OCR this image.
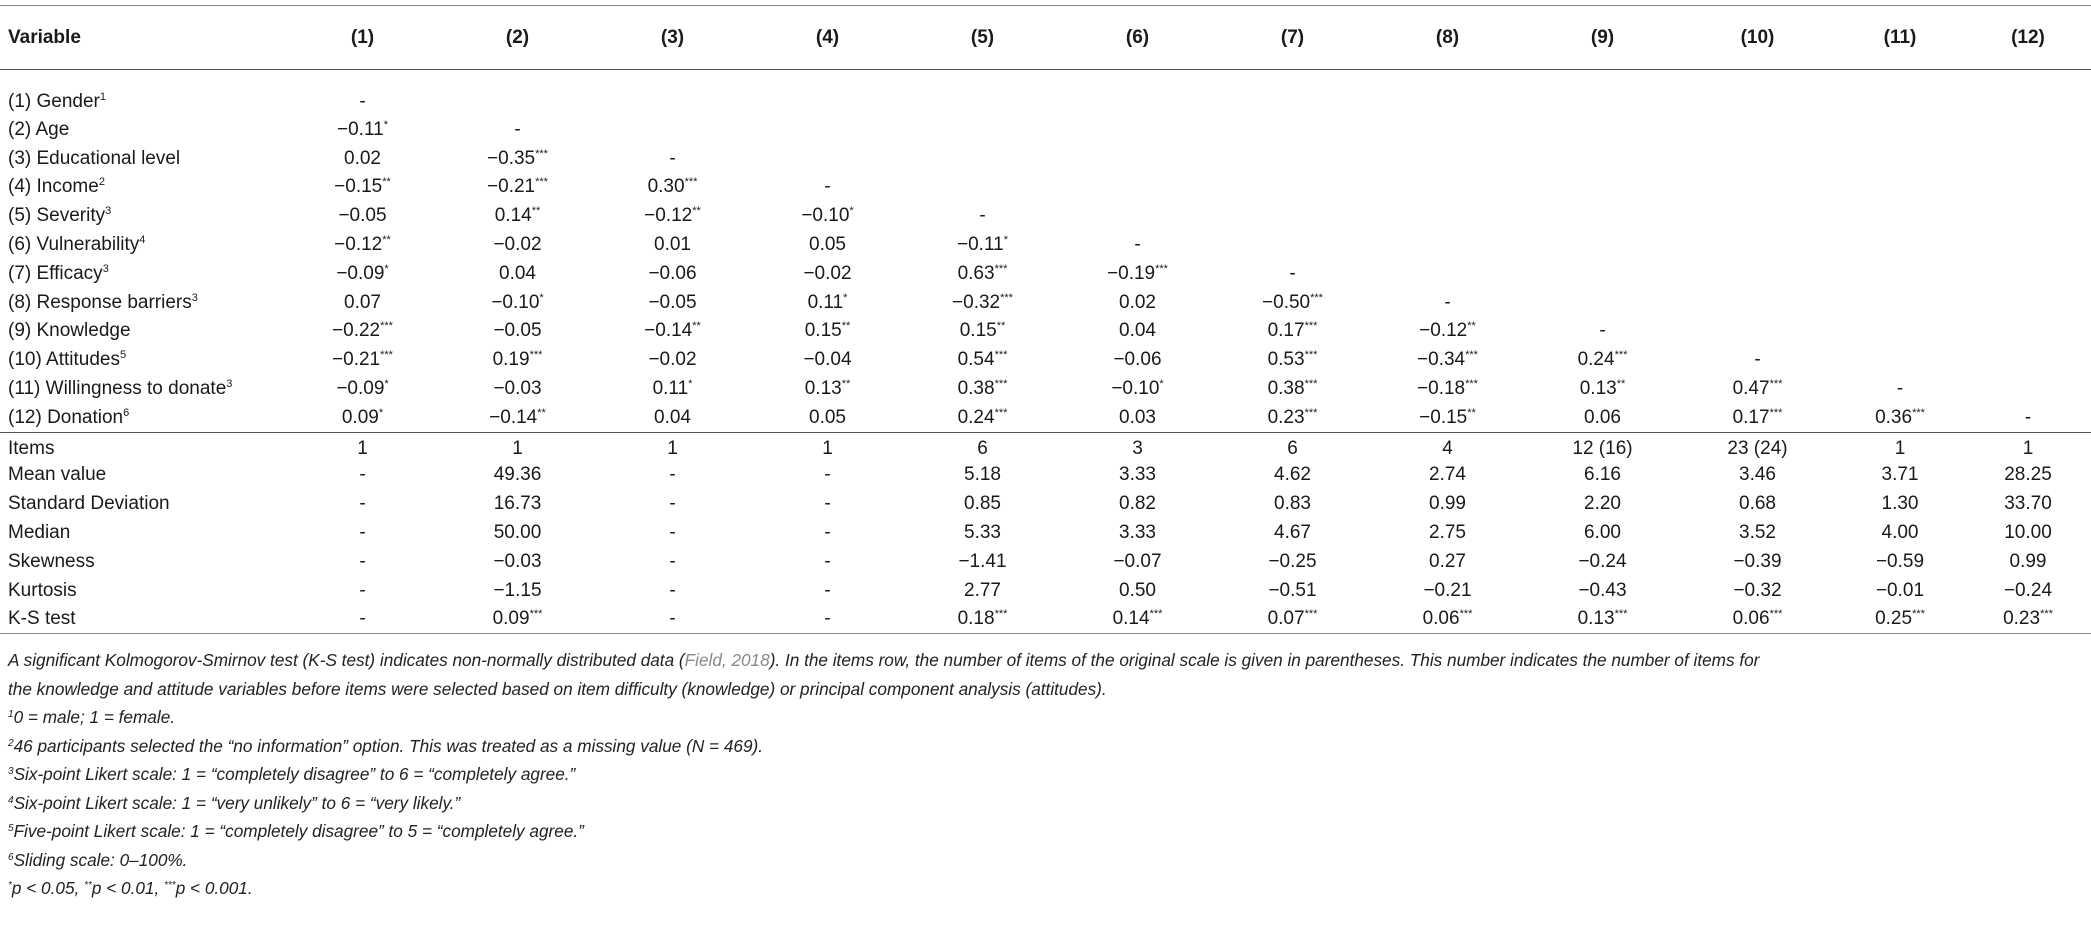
Variable	(1)	(2)	(3)	(4)	(5)	(6)	(7)	(8)	(9)	(10)	(11)	(12)
(1) Gender$^1$	-											
(2) Age	−0.11*	-										
(3) Educational level	0.02	−0.35***	-									
(4) Income$^2$	−0.15**	−0.21***	0.30***	-								
(5) Severity$^3$	−0.05	0.14**	−0.12**	−0.10*	-							
(6) Vulnerability$^4$	−0.12**	−0.02	0.01	0.05	−0.11*	-						
(7) Efficacy$^3$	−0.09*	0.04	−0.06	−0.02	0.63***	−0.19***	-					
(8) Response barriers$^3$	0.07	−0.10*	−0.05	0.11*	−0.32***	0.02	−0.50***	-				
(9) Knowledge	−0.22***	−0.05	−0.14**	0.15**	0.15**	0.04	0.17***	−0.12**	-			
(10) Attitudes$^5$	−0.21***	0.19***	−0.02	−0.04	0.54***	−0.06	0.53***	−0.34***	0.24***	-		
(11) Willingness to donate$^3$	−0.09*	−0.03	0.11*	0.13**	0.38***	−0.10*	0.38***	−0.18***	0.13**	0.47***	-	
(12) Donation$^6$	0.09*	−0.14**	0.04	0.05	0.24***	0.03	0.23***	−0.15**	0.06	0.17***	0.36***	-
Items	1	1	1	1	6	3	6	4	12 (16)	23 (24)	1	1
Mean value	-	49.36	-	-	5.18	3.33	4.62	2.74	6.16	3.46	3.71	28.25
Standard Deviation	-	16.73	-	-	0.85	0.82	0.83	0.99	2.20	0.68	1.30	33.70
Median	-	50.00	-	-	5.33	3.33	4.67	2.75	6.00	3.52	4.00	10.00
Skewness	-	−0.03	-	-	−1.41	−0.07	−0.25	0.27	−0.24	−0.39	−0.59	0.99
Kurtosis	-	−1.15	-	-	2.77	0.50	−0.51	−0.21	−0.43	−0.32	−0.01	−0.24
K-S test	-	0.09***	-	-	0.18***	0.14***	0.07***	0.06***	0.13***	0.06***	0.25***	0.23***

A significant Kolmogorov-Smirnov test (K-S test) indicates non-normally distributed data (Field, 2018). In the items row, the number of items of the original scale is given in parentheses. This number indicates the number of items for

the knowledge and attitude variables before items were selected based on item difficulty (knowledge) or principal component analysis (attitudes).

$^1$0 = male; 1 = female.

$^2$46 participants selected the “no information” option. This was treated as a missing value (N = 469).

$^3$Six-point Likert scale: 1 = “completely disagree” to 6 = “completely agree.”

$^4$Six-point Likert scale: 1 = “very unlikely” to 6 = “very likely.”

$^5$Five-point Likert scale: 1 = “completely disagree” to 5 = “completely agree.”

$^6$Sliding scale: 0–100%.

*p < 0.05, **p < 0.01, ***p < 0.001.
